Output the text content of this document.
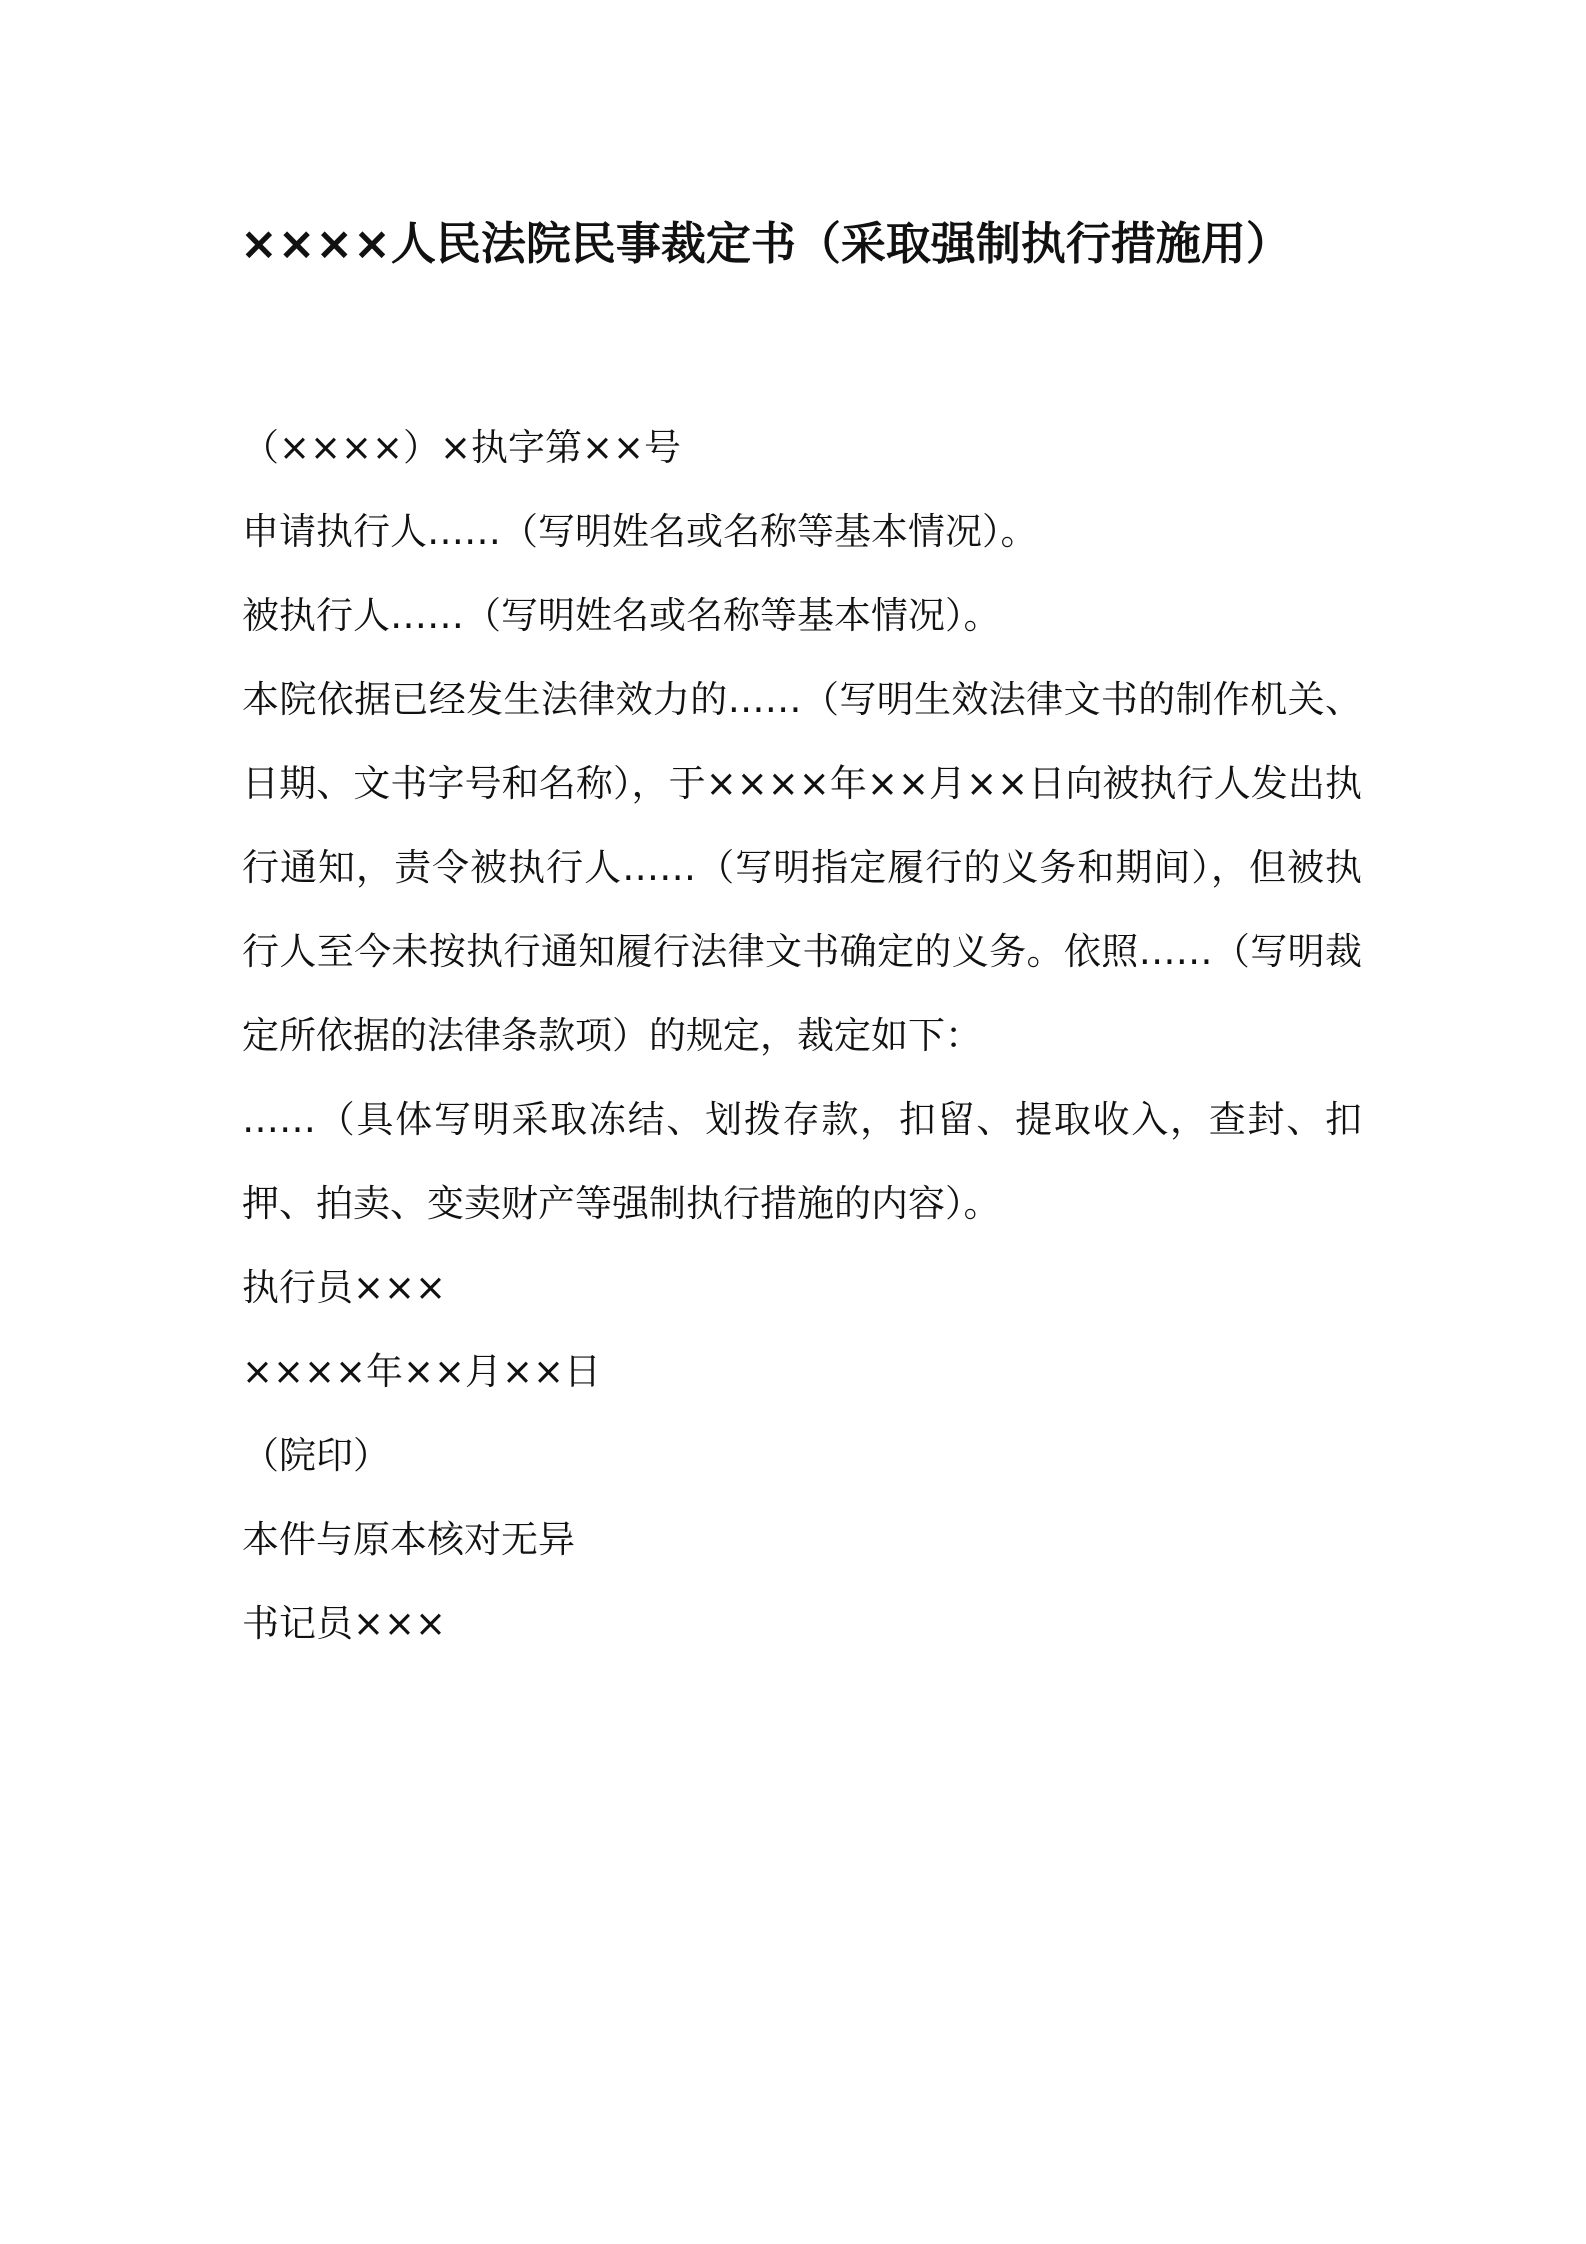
××××人民法院民事裁定书（采取强制执行措施用）

（××××）×执字第××号

申请执行人……（写明姓名或名称等基本情况）。

被执行人……（写明姓名或名称等基本情况）。

本院依据已经发生法律效力的……（写明生效法律文书的制作机关、日期、文书字号和名称），于××××年××月××日向被执行人发出执行通知，责令被执行人……（写明指定履行的义务和期间），但被执行人至今未按执行通知履行法律文书确定的义务。依照……（写明裁定所依据的法律条款项）的规定，裁定如下：

……（具体写明采取冻结、划拨存款，扣留、提取收入，查封、扣押、拍卖、变卖财产等强制执行措施的内容）。

执行员×××

××××年××月××日

（院印）

本件与原本核对无异

书记员×××
